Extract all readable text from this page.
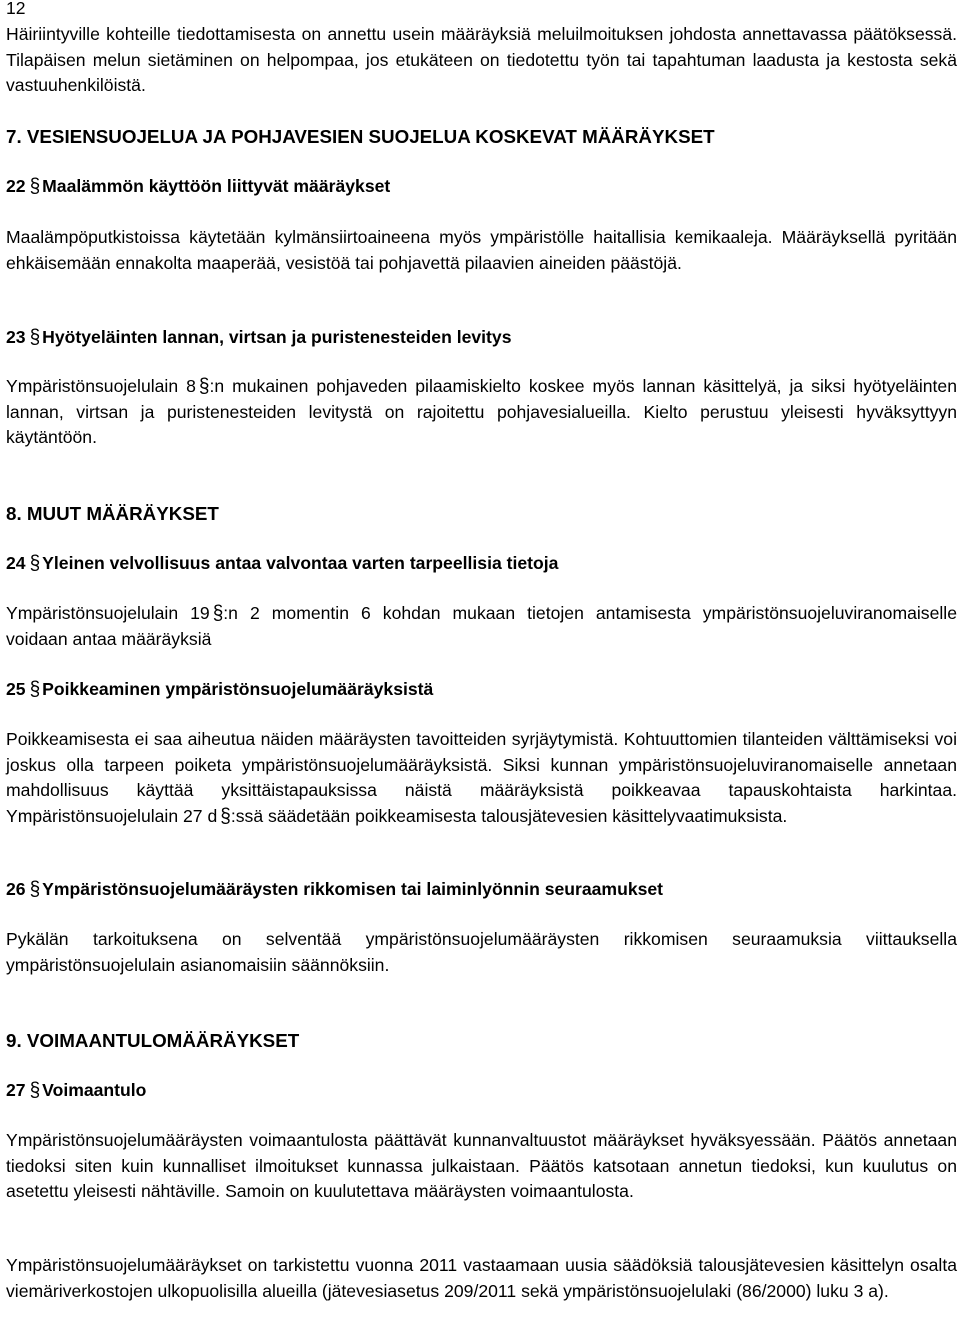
12

Häiriintyville kohteille tiedottamisesta on annettu usein määräyksiä meluilmoituksen johdosta annettavassa päätöksessä. Tilapäisen melun sietäminen on helpompaa, jos etukäteen on tiedotettu työn tai tapahtuman laadusta ja kestosta sekä vastuuhenkilöistä.

7. VESIENSUOJELUA JA POHJAVESIEN SUOJELUA KOSKEVAT MÄÄRÄYKSET
22 § Maalämmön käyttöön liittyvät määräykset

Maalämpöputkistoissa käytetään kylmänsiirtoaineena myös ympäristölle haitallisia kemikaaleja. Määräyksellä pyritään ehkäisemään ennakolta maaperää, vesistöä tai pohjavettä pilaavien aineiden päästöjä.

23 § Hyötyeläinten lannan, virtsan ja puristenesteiden levitys

Ympäristönsuojelulain 8 §:n mukainen pohjaveden pilaamiskielto koskee myös lannan käsittelyä, ja siksi hyötyeläinten lannan, virtsan ja puristenesteiden levitystä on rajoitettu pohjavesialueilla. Kielto perustuu yleisesti hyväksyttyyn käytäntöön.

8. MUUT MÄÄRÄYKSET
24 § Yleinen velvollisuus antaa valvontaa varten tarpeellisia tietoja

Ympäristönsuojelulain 19 §:n 2 momentin 6 kohdan mukaan tietojen antamisesta ympäristönsuojeluviranomaiselle voidaan antaa määräyksiä

25 § Poikkeaminen ympäristönsuojelumääräyksistä

Poikkeamisesta ei saa aiheutua näiden määräysten tavoitteiden syrjäytymistä. Kohtuuttomien tilanteiden välttämiseksi voi joskus olla tarpeen poiketa ympäristönsuojelumääräyksistä. Siksi kunnan ympäristönsuojeluviranomaiselle annetaan mahdollisuus käyttää yksittäistapauksissa näistä määräyksistä poikkeavaa tapauskohtaista harkintaa. Ympäristönsuojelulain 27 d §:ssä säädetään poikkeamisesta talousjätevesien käsittelyvaatimuksista.

26 § Ympäristönsuojelumääräysten rikkomisen tai laiminlyönnin seuraamukset

Pykälän tarkoituksena on selventää ympäristönsuojelumääräysten rikkomisen seuraamuksia viittauksella ympäristönsuojelulain asianomaisiin säännöksiin.

9. VOIMAANTULOMÄÄRÄYKSET
27 § Voimaantulo

Ympäristönsuojelumääräysten voimaantulosta päättävät kunnanvaltuustot määräykset hyväksyessään. Päätös annetaan tiedoksi siten kuin kunnalliset ilmoitukset kunnassa julkaistaan. Päätös katsotaan annetun tiedoksi, kun kuulutus on asetettu yleisesti nähtäville. Samoin on kuulutettava määräysten voimaantulosta.

Ympäristönsuojelumääräykset on tarkistettu vuonna 2011 vastaamaan uusia säädöksiä talousjätevesien käsittelyn osalta viemäriverkostojen ulkopuolisilla alueilla (jätevesiasetus 209/2011 sekä ympäristönsuojelulaki (86/2000) luku 3 a).
